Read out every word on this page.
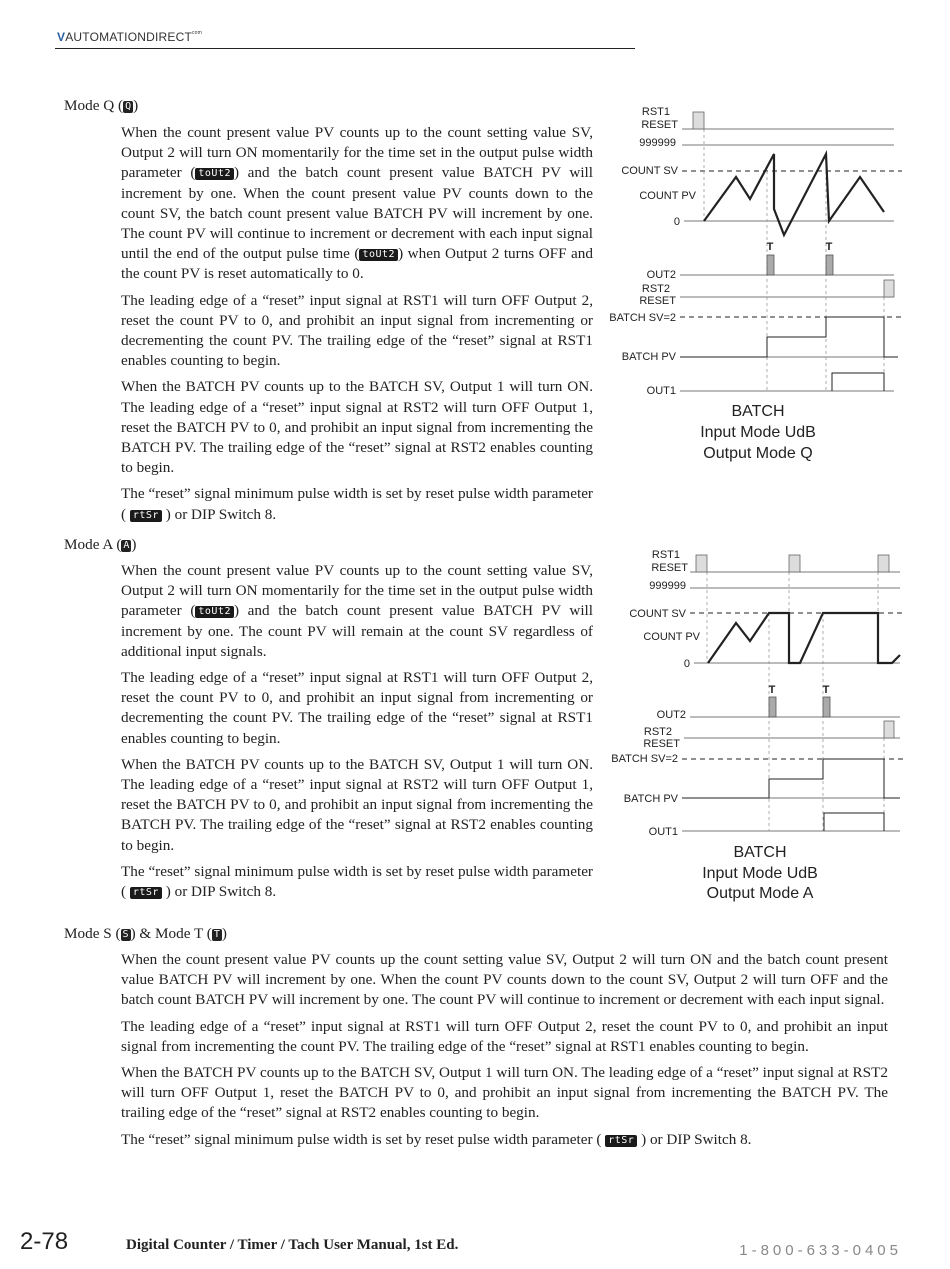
$VAUTOMATIONDIRECT^{com}$
Mode Q ( Q )

When the count present value PV counts up to the count setting value SV, Output 2 will turn ON momentarily for the time set in the output pulse width parameter ( toUt2 ) and the batch count present value BATCH PV will increment by one. When the count present value PV counts down to the count SV, the batch count present value BATCH PV will increment by one. The count PV will continue to increment or decrement with each input signal until the end of the output pulse time ( toUt2 ) when Output 2 turns OFF and the count PV is reset automatically to 0.

The leading edge of a “reset” input signal at RST1 will turn OFF Output 2, reset the count PV to 0, and prohibit an input signal from incrementing or decrementing the count PV. The trailing edge of the “reset” signal at RST1 enables counting to begin.

When the BATCH PV counts up to the BATCH SV, Output 1 will turn ON. The leading edge of a “reset” input signal at RST2 will turn OFF Output 1, reset the BATCH PV to 0, and prohibit an input signal from incrementing the BATCH PV. The trailing edge of the “reset” signal at RST2 enables counting to begin.

The “reset” signal minimum pulse width is set by reset pulse width parameter ( rtSr ) or DIP Switch 8.

RST1
RESET
999999
COUNT SV
COUNT PV
0
OUT2
RST2
RESET
BATCH SV=2
BATCH PV
OUT1
T	T
BATCH
Input Mode UdB
Output Mode Q
Mode A ( A )

When the count present value PV counts up to the count setting value SV, Output 2 will turn ON momentarily for the time set in the output pulse width parameter ( toUt2 ) and the batch count present value BATCH PV will increment by one. The count PV will remain at the count SV regardless of additional input signals.

The leading edge of a “reset” input signal at RST1 will turn OFF Output 2, reset the count PV to 0, and prohibit an input signal from incrementing or decrementing the count PV. The trailing edge of the “reset” signal at RST1 enables counting to begin.

When the BATCH PV counts up to the BATCH SV, Output 1 will turn ON. The leading edge of a “reset” input signal at RST2 will turn OFF Output 1, reset the BATCH PV to 0, and prohibit an input signal from incrementing the BATCH PV. The trailing edge of the “reset” signal at RST2 enables counting to begin.

The “reset” signal minimum pulse width is set by reset pulse width parameter ( rtSr ) or DIP Switch 8.

RST1
RESET
999999
COUNT SV
COUNT PV
0
OUT2
RST2
RESET
BATCH SV=2
BATCH PV
OUT1
T	T
BATCH
Input Mode UdB
Output Mode A
Mode S ( S ) & Mode T ( T )

When the count present value PV counts up the count setting value SV, Output 2 will turn ON and the batch count present value BATCH PV will increment by one. When the count PV counts down to the count SV, Output 2 will turn OFF and the batch count BATCH PV will increment by one. The count PV will continue to increment or decrement with each input signal.

The leading edge of a “reset” input signal at RST1 will turn OFF Output 2, reset the count PV to 0, and prohibit an input signal from incrementing the count PV. The trailing edge of the “reset” signal at RST1 enables counting to begin.

When the BATCH PV counts up to the BATCH SV, Output 1 will turn ON. The leading edge of a “reset” input signal at RST2 will turn OFF Output 1, reset the BATCH PV to 0, and prohibit an input signal from incrementing the BATCH PV. The trailing edge of the “reset” signal at RST2 enables counting to begin.

The “reset” signal minimum pulse width is set by reset pulse width parameter ( rtSr ) or DIP Switch 8.

2-78	Digital Counter / Timer / Tach User Manual, 1st Ed.	1-800-633-0405
